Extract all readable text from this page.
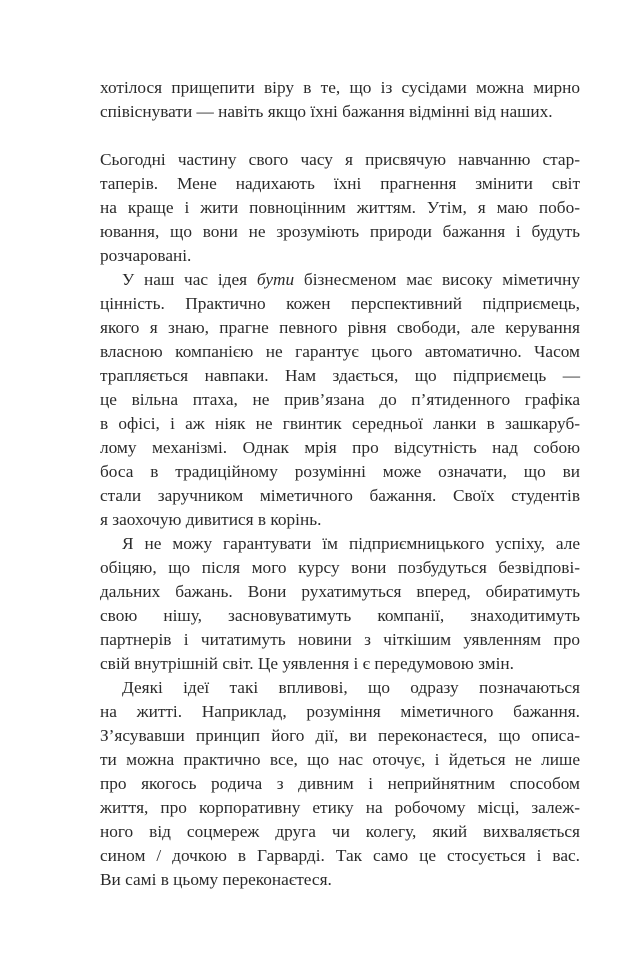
хотілося прищепити віру в те, що із сусідами можна мирно
співіснувати — навіть якщо їхні бажання відмінні від наших.
Сьогодні частину свого часу я присвячую навчанню стар-
таперів. Мене надихають їхні прагнення змінити світ
на краще і жити повноцінним життям. Утім, я маю побо-
ювання, що вони не зрозуміють природи бажання і будуть
розчаровані.
У наш час ідея бути бізнесменом має високу міметичну
цінність. Практично кожен перспективний підприємець,
якого я знаю, прагне певного рівня свободи, але керування
власною компанією не гарантує цього автоматично. Часом
трапляється навпаки. Нам здається, що підприємець —
це вільна птаха, не прив’язана до п’ятиденного графіка
в офісі, і аж ніяк не гвинтик середньої ланки в зашкаруб-
лому механізмі. Однак мрія про відсутність над собою
боса в традиційному розумінні може означати, що ви
стали заручником міметичного бажання. Своїх студентів
я заохочую дивитися в корінь.
Я не можу гарантувати їм підприємницького успіху, але
обіцяю, що після мого курсу вони позбудуться безвідпові-
дальних бажань. Вони рухатимуться вперед, обиратимуть
свою нішу, засновуватимуть компанії, знаходитимуть
партнерів і читатимуть новини з чіткішим уявленням про
свій внутрішній світ. Це уявлення і є передумовою змін.
Деякі ідеї такі впливові, що одразу позначаються
на житті. Наприклад, розуміння міметичного бажання.
З’ясувавши принцип його дії, ви переконаєтеся, що описа-
ти можна практично все, що нас оточує, і йдеться не лише
про якогось родича з дивним і неприйнятним способом
життя, про корпоративну етику на робочому місці, залеж-
ного від соцмереж друга чи колегу, який вихваляється
сином / дочкою в Гарварді. Так само це стосується і вас.
Ви самі в цьому переконаєтеся.
